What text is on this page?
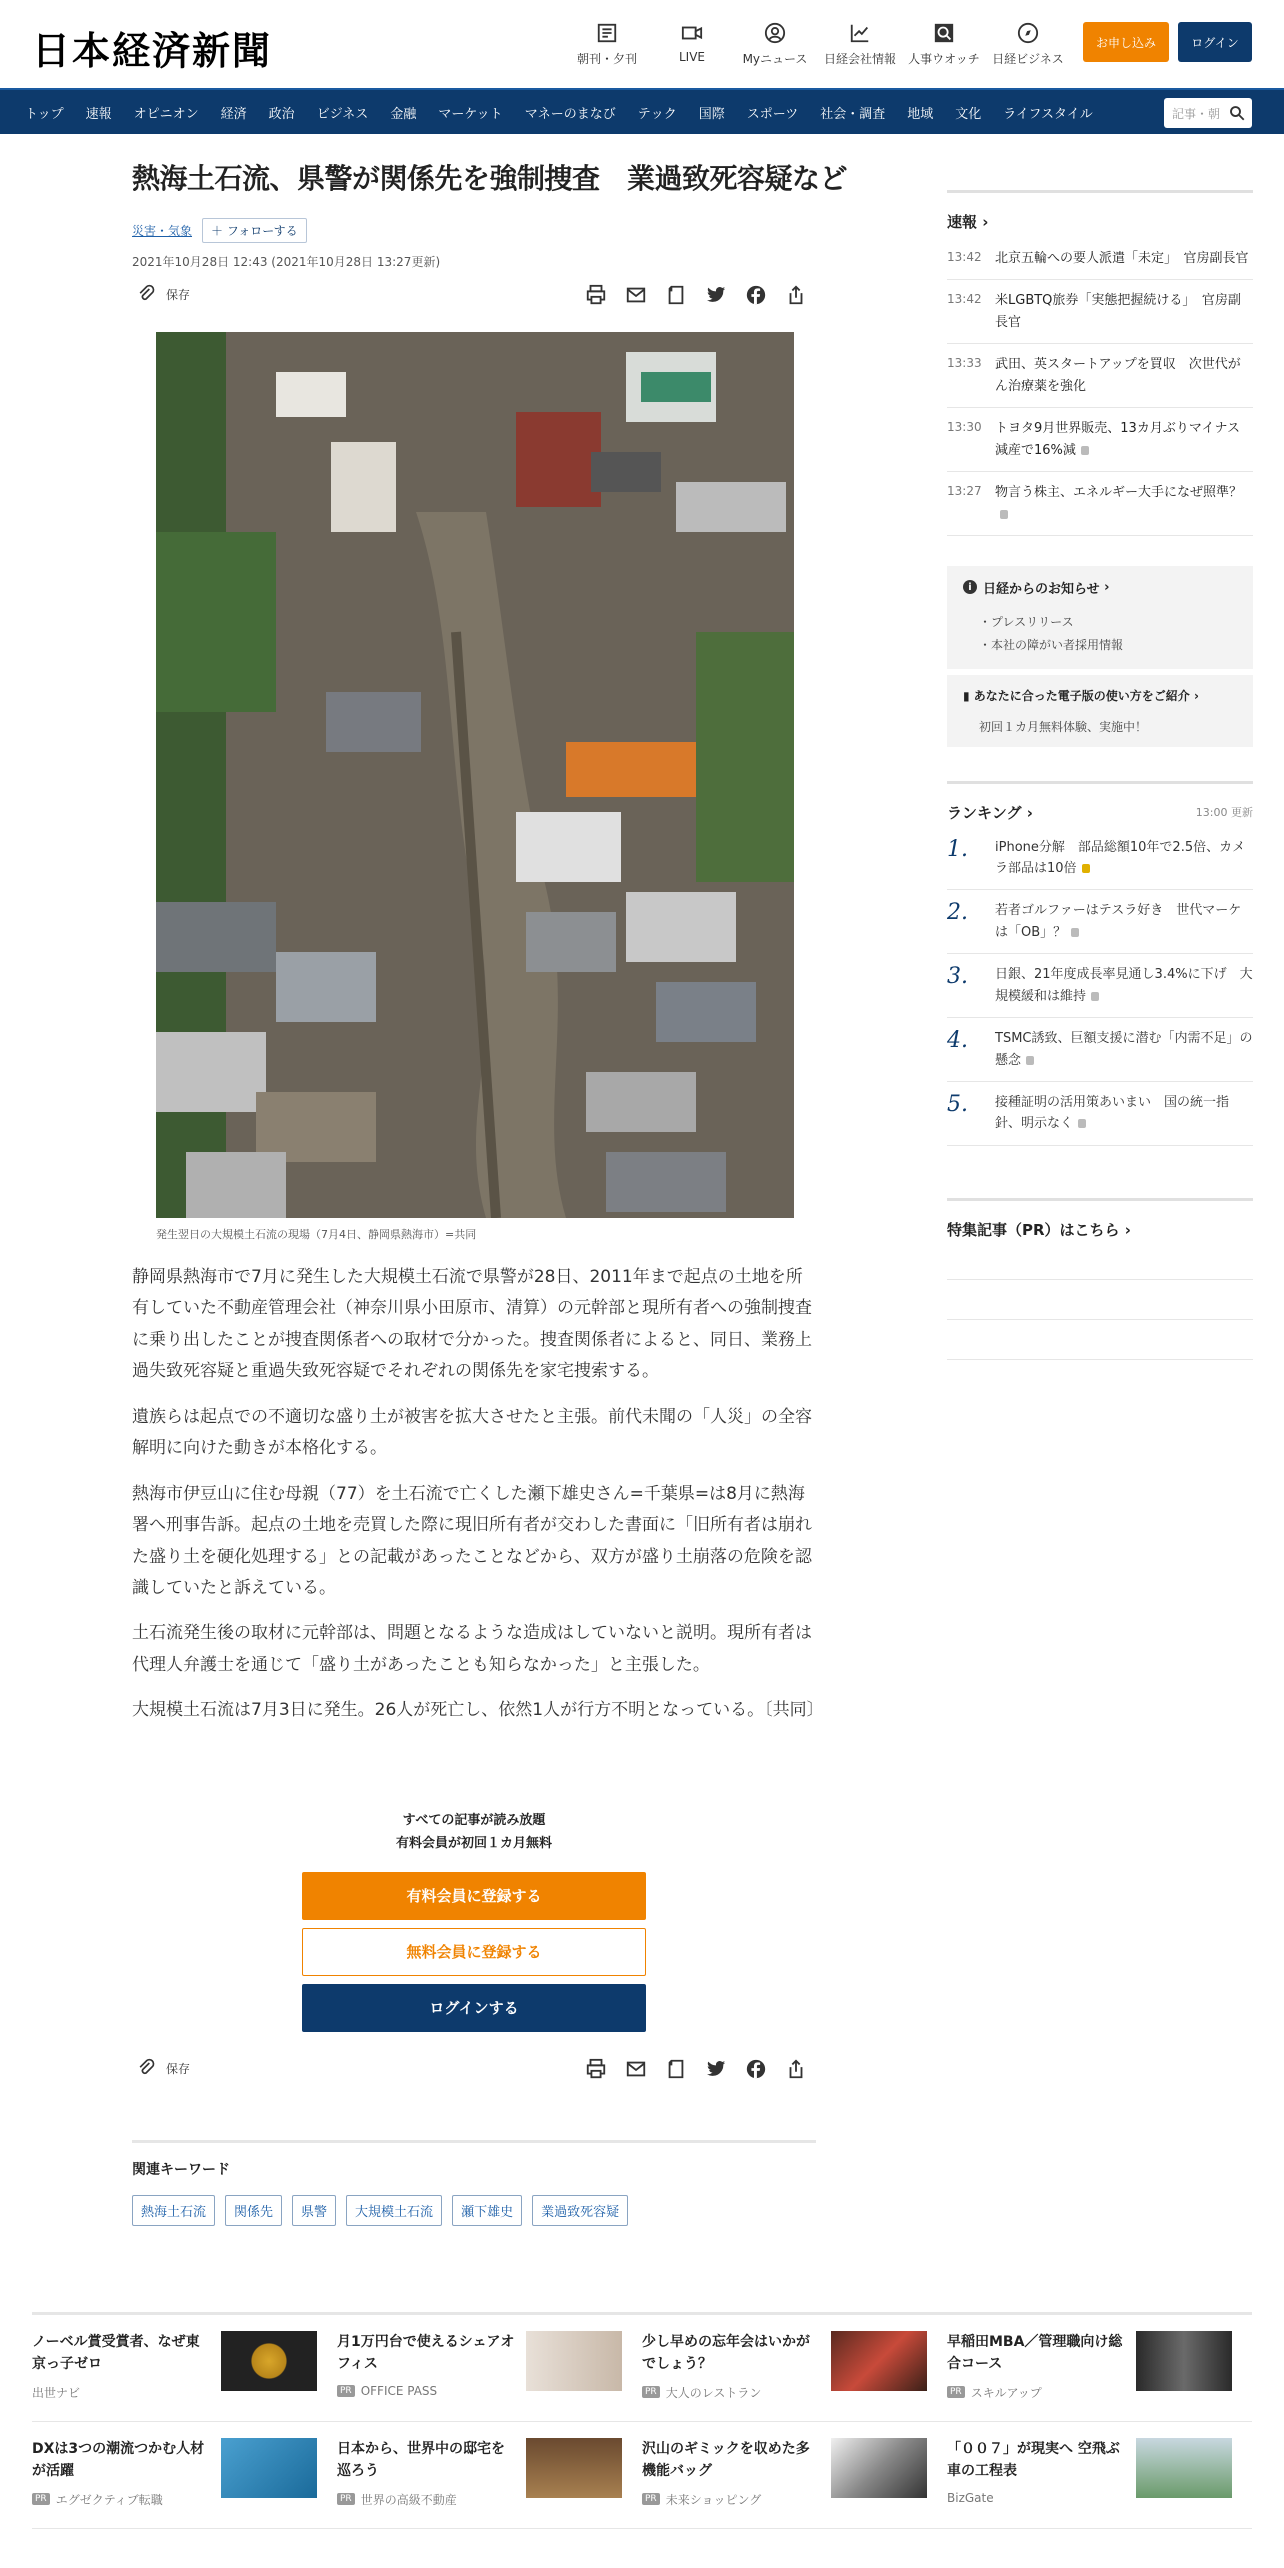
日本経済新聞	朝刊・夕刊	LIVE	Myニュース 日経会社情報 人事ウオッチ 日経ビジネス
お申し込み	ログイン
トップ	速報	オピニオン	経済	政治	ビジネス	金融	マーケット	マネーのまなび	テック	国際	スポーツ	社会・調査	地域	文化	ライフスタイル	記事・朝
熱海土石流、県警が関係先を強制捜査　業過致死容疑など
災害・気象	＋ フォローする
2021年10月28日 12:43 (2021年10月28日 13:27更新)
保存
発生翌日の大規模土石流の現場（7月4日、静岡県熱海市）=共同

静岡県熱海市で7月に発生した大規模土石流で県警が28日、2011年まで起点の土地を所有していた不動産管理会社（神奈川県小田原市、清算）の元幹部と現所有者への強制捜査に乗り出したことが捜査関係者への取材で分かった。捜査関係者によると、同日、業務上過失致死容疑と重過失致死容疑でそれぞれの関係先を家宅捜索する。

遺族らは起点での不適切な盛り土が被害を拡大させたと主張。前代未聞の「人災」の全容解明に向けた動きが本格化する。

熱海市伊豆山に住む母親（77）を土石流で亡くした瀬下雄史さん=千葉県=は8月に熱海署へ刑事告訴。起点の土地を売買した際に現旧所有者が交わした書面に「旧所有者は崩れた盛り土を硬化処理する」との記載があったことなどから、双方が盛り土崩落の危険を認識していたと訴えている。

土石流発生後の取材に元幹部は、問題となるような造成はしていないと説明。現所有者は代理人弁護士を通じて「盛り土があったことも知らなかった」と主張した。

大規模土石流は7月3日に発生。26人が死亡し、依然1人が行方不明となっている。〔共同〕

すべての記事が読み放題
有料会員が初回１カ月無料
有料会員に登録する
無料会員に登録する
ログインする
保存
関連キーワード
熱海土石流	関係先	県警	大規模土石流	瀬下雄史	業過致死容疑
速報 ›
13:42	北京五輪への要人派遣「未定」　官房副長官
13:42	米LGBTQ旅券「実態把握続ける」　官房副長官
13:33	武田、英スタートアップを買収　次世代がん治療薬を強化
13:30	トヨタ9月世界販売、13カ月ぶりマイナス　減産で16%減
13:27	物言う株主、エネルギー大手になぜ照準？
i 日経からのお知らせ ›
・ プレスリリース
・ 本社の障がい者採用情報
▮ あなたに合った電子版の使い方をご紹介 ›
初回１カ月無料体験、実施中！
ランキング ›	13:00 更新
1.	iPhone分解　部品総額10年で2.5倍、カメラ部品は10倍
2.	若者ゴルファーはテスラ好き　世代マーケは「OB」？
3.	日銀、21年度成長率見通し3.4%に下げ　大規模緩和は維持
4.	TSMC誘致、巨額支援に潜む「内需不足」の懸念
5.	接種証明の活用策あいまい　国の統一指針、明示なく
特集記事（PR）はこちら ›
ノーベル賞受賞者、なぜ東京っ子ゼロ
出世ナビ
月1万円台で使えるシェアオフィス
PR OFFICE PASS
少し早めの忘年会はいかがでしょう？
PR 大人のレストラン
早稲田MBA／管理職向け総合コース
PR スキルアップ
DXは3つの潮流つかむ人材が活躍
PR エグゼクティブ転職
日本から、世界中の邸宅を巡ろう
PR 世界の高級不動産
沢山のギミックを収めた多機能バッグ
PR 未来ショッピング
「００７」が現実へ 空飛ぶ車の工程表
BizGate
